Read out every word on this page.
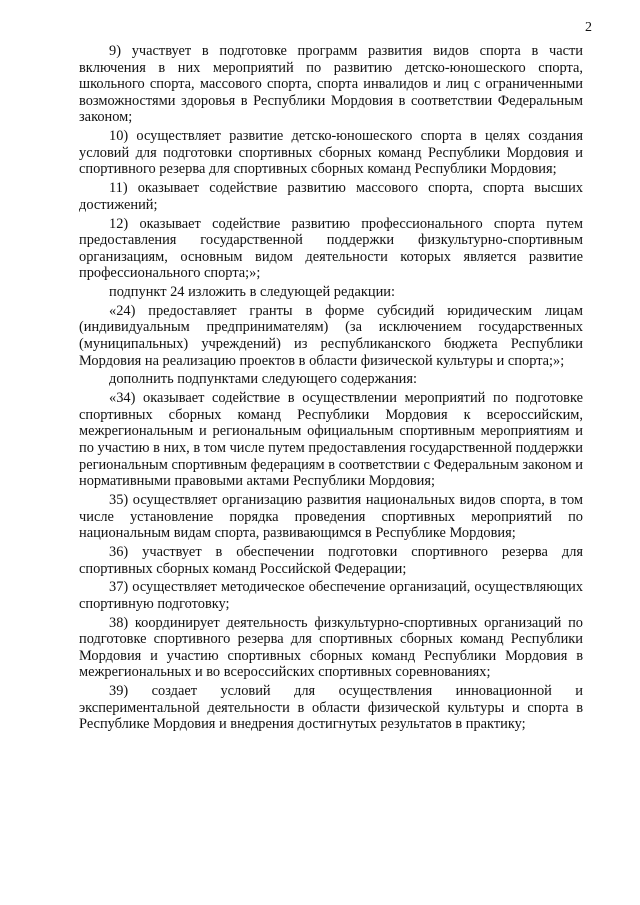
2

9) участвует в подготовке программ развития видов спорта в части включения в них мероприятий по развитию детско-юношеского спорта, школьного спорта, массового спорта, спорта инвалидов и лиц с ограниченными возможностями здоровья в Республики Мордовия в соответствии Федеральным законом;

10) осуществляет развитие детско-юношеского спорта в целях создания условий для подготовки спортивных сборных команд Республики Мордовия и спортивного резерва для спортивных сборных команд Республики Мордовия;

11) оказывает содействие развитию массового спорта, спорта высших достижений;

12) оказывает содействие развитию профессионального спорта путем предоставления государственной поддержки физкультурно-спортивным организациям, основным видом деятельности которых является развитие профессионального спорта;»;

подпункт 24 изложить в следующей редакции:

«24) предоставляет гранты в форме субсидий юридическим лицам (индивидуальным предпринимателям) (за исключением государственных (муниципальных) учреждений) из республиканского бюджета Республики Мордовия на реализацию проектов в области физической культуры и спорта;»;

дополнить подпунктами следующего содержания:

«34) оказывает содействие в осуществлении мероприятий по подготовке спортивных сборных команд Республики Мордовия к всероссийским, межрегиональным и региональным официальным спортивным мероприятиям и по участию в них, в том числе путем предоставления государственной поддержки региональным спортивным федерациям в соответствии с Федеральным законом и нормативными правовыми актами Республики Мордовия;

35) осуществляет организацию развития национальных видов спорта, в том числе установление порядка проведения спортивных мероприятий по национальным видам спорта, развивающимся в Республике Мордовия;

36) участвует в обеспечении подготовки спортивного резерва для спортивных сборных команд Российской Федерации;

37) осуществляет методическое обеспечение организаций, осуществляющих спортивную подготовку;

38) координирует деятельность физкультурно-спортивных организаций по подготовке спортивного резерва для спортивных сборных команд Республики Мордовия и участию спортивных сборных команд Республики Мордовия в межрегиональных и во всероссийских спортивных соревнованиях;

39) создает условий для осуществления инновационной и экспериментальной деятельности в области физической культуры и спорта в Республике Мордовия и внедрения достигнутых результатов в практику;
